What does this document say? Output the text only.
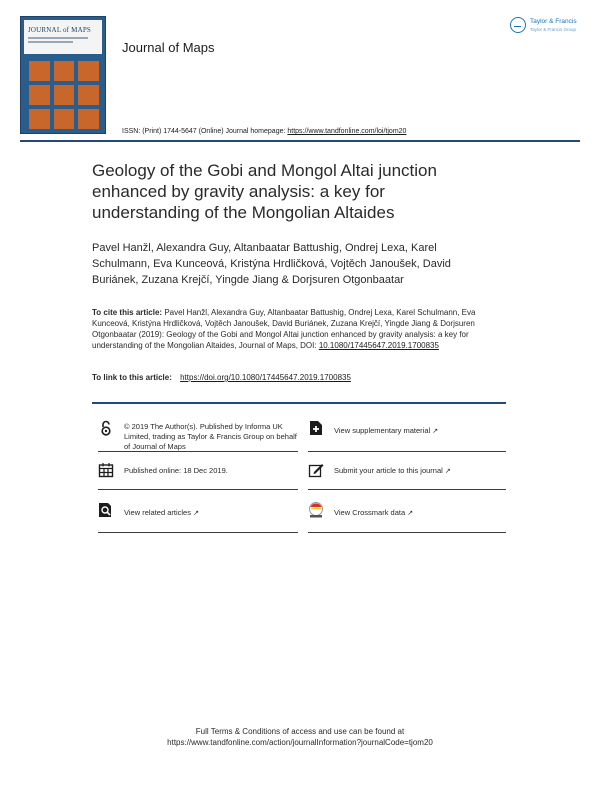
JOURNAL of MAPS
Journal of Maps
Taylor & Francis
Taylor & Francis Group
ISSN: (Print) 1744-5647 (Online) Journal homepage: https://www.tandfonline.com/loi/tjom20
Geology of the Gobi and Mongol Altai junction enhanced by gravity analysis: a key for understanding of the Mongolian Altaides

Pavel Hanžl, Alexandra Guy, Altanbaatar Battushig, Ondrej Lexa, Karel Schulmann, Eva Kunceová, Kristýna Hrdličková, Vojtěch Janoušek, David Buriánek, Zuzana Krejčí, Yingde Jiang & Dorjsuren Otgonbaatar

To cite this article: Pavel Hanžl, Alexandra Guy, Altanbaatar Battushig, Ondrej Lexa, Karel Schulmann, Eva Kunceová, Kristýna Hrdličková, Vojtěch Janoušek, David Buriánek, Zuzana Krejčí, Yingde Jiang & Dorjsuren Otgonbaatar (2019): Geology of the Gobi and Mongol Altai junction enhanced by gravity analysis: a key for understanding of the Mongolian Altaides, Journal of Maps, DOI: 10.1080/17445647.2019.1700835
To link to this article: https://doi.org/10.1080/17445647.2019.1700835
© 2019 The Author(s). Published by Informa UK Limited, trading as Taylor & Francis Group on behalf of Journal of Maps
View supplementary material ↗
Published online: 18 Dec 2019.	Submit your article to this journal ↗
View related articles ↗	View Crossmark data ↗
Full Terms & Conditions of access and use can be found at
https://www.tandfonline.com/action/journalInformation?journalCode=tjom20
